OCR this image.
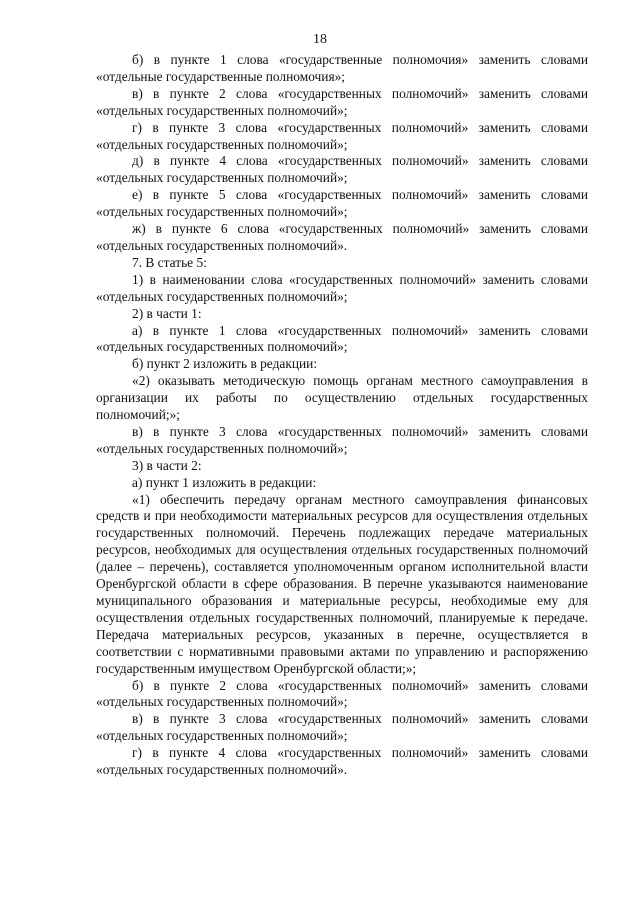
18

б) в пункте 1 слова «государственные полномочия» заменить словами «отдельные государственные полномочия»;

в) в пункте 2 слова «государственных полномочий» заменить словами «отдельных государственных полномочий»;

г) в пункте 3 слова «государственных полномочий» заменить словами «отдельных государственных полномочий»;

д) в пункте 4 слова «государственных полномочий» заменить словами «отдельных государственных полномочий»;

е) в пункте 5 слова «государственных полномочий» заменить словами «отдельных государственных полномочий»;

ж) в пункте 6 слова «государственных полномочий» заменить словами «отдельных государственных полномочий».

7. В статье 5:

1) в наименовании слова «государственных полномочий» заменить словами «отдельных государственных полномочий»;

2) в части 1:

а) в пункте 1 слова «государственных полномочий» заменить словами «отдельных государственных полномочий»;

б) пункт 2 изложить в редакции:

«2) оказывать методическую помощь органам местного самоуправления в организации их работы по осуществлению отдельных государственных полномочий;»;

в) в пункте 3 слова «государственных полномочий» заменить словами «отдельных государственных полномочий»;

3) в части 2:

а) пункт 1 изложить в редакции:

«1) обеспечить передачу органам местного самоуправления финансовых средств и при необходимости материальных ресурсов для осуществления отдельных государственных полномочий. Перечень подлежащих передаче материальных ресурсов, необходимых для осуществления отдельных государственных полномочий (далее – перечень), составляется уполномоченным органом исполнительной власти Оренбургской области в сфере образования. В перечне указываются наименование муниципального образования и материальные ресурсы, необходимые ему для осуществления отдельных государственных полномочий, планируемые к передаче. Передача материальных ресурсов, указанных в перечне, осуществляется в соответствии с нормативными правовыми актами по управлению и распоряжению государственным имуществом Оренбургской области;»;

б) в пункте 2 слова «государственных полномочий» заменить словами «отдельных государственных полномочий»;

в) в пункте 3 слова «государственных полномочий» заменить словами «отдельных государственных полномочий»;

г) в пункте 4 слова «государственных полномочий» заменить словами «отдельных государственных полномочий».
